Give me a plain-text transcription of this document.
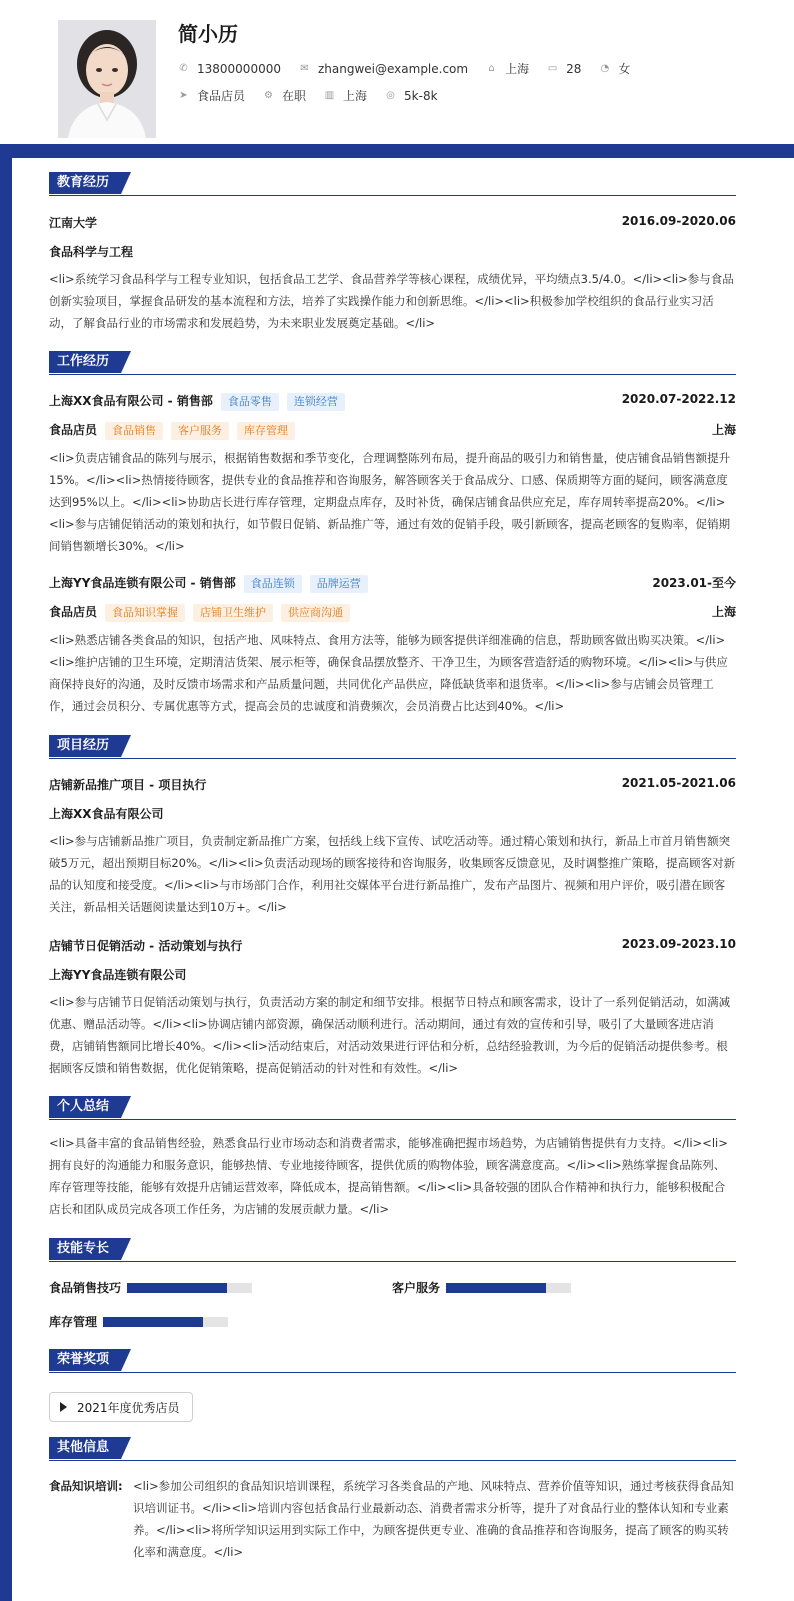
简小历
✆ 13800000000 ✉ zhangwei@example.com ⌂ 上海 ▭ 28 ◔ 女
➤ 食品店员 ⚙ 在职 ▥ 上海 ◎ 5k-8k
教育经历
江南大学	2016.09-2020.06
食品科学与工程
<li>系统学习食品科学与工程专业知识，包括食品工艺学、食品营养学等核心课程，成绩优异，平均绩点3.5/4.0。</li><li>参与食品创新实验项目，掌握食品研发的基本流程和方法，培养了实践操作能力和创新思维。</li><li>积极参加学校组织的食品行业实习活动，了解食品行业的市场需求和发展趋势，为未来职业发展奠定基础。</li>
工作经历
上海XX食品有限公司 - 销售部 食品零售 连锁经营	2020.07-2022.12
食品店员 食品销售 客户服务 库存管理	上海
<li>负责店铺食品的陈列与展示，根据销售数据和季节变化，合理调整陈列布局，提升商品的吸引力和销售量，使店铺食品销售额提升15%。</li><li>热情接待顾客，提供专业的食品推荐和咨询服务，解答顾客关于食品成分、口感、保质期等方面的疑问，顾客满意度达到95%以上。</li><li>协助店长进行库存管理，定期盘点库存，及时补货，确保店铺食品供应充足，库存周转率提高20%。</li><li>参与店铺促销活动的策划和执行，如节假日促销、新品推广等，通过有效的促销手段，吸引新顾客，提高老顾客的复购率，促销期间销售额增长30%。</li>
上海YY食品连锁有限公司 - 销售部 食品连锁 品牌运营	2023.01-至今
食品店员 食品知识掌握 店铺卫生维护 供应商沟通	上海
<li>熟悉店铺各类食品的知识，包括产地、风味特点、食用方法等，能够为顾客提供详细准确的信息，帮助顾客做出购买决策。</li><li>维护店铺的卫生环境，定期清洁货架、展示柜等，确保食品摆放整齐、干净卫生，为顾客营造舒适的购物环境。</li><li>与供应商保持良好的沟通，及时反馈市场需求和产品质量问题，共同优化产品供应，降低缺货率和退货率。</li><li>参与店铺会员管理工作，通过会员积分、专属优惠等方式，提高会员的忠诚度和消费频次，会员消费占比达到40%。</li>
项目经历
店铺新品推广项目 - 项目执行	2021.05-2021.06
上海XX食品有限公司
<li>参与店铺新品推广项目，负责制定新品推广方案，包括线上线下宣传、试吃活动等。通过精心策划和执行，新品上市首月销售额突破5万元，超出预期目标20%。</li><li>负责活动现场的顾客接待和咨询服务，收集顾客反馈意见，及时调整推广策略，提高顾客对新品的认知度和接受度。</li><li>与市场部门合作，利用社交媒体平台进行新品推广，发布产品图片、视频和用户评价，吸引潜在顾客关注，新品相关话题阅读量达到10万+。</li>
店铺节日促销活动 - 活动策划与执行	2023.09-2023.10
上海YY食品连锁有限公司
<li>参与店铺节日促销活动策划与执行，负责活动方案的制定和细节安排。根据节日特点和顾客需求，设计了一系列促销活动，如满减优惠、赠品活动等。</li><li>协调店铺内部资源，确保活动顺利进行。活动期间，通过有效的宣传和引导，吸引了大量顾客进店消费，店铺销售额同比增长40%。</li><li>活动结束后，对活动效果进行评估和分析，总结经验教训，为今后的促销活动提供参考。根据顾客反馈和销售数据，优化促销策略，提高促销活动的针对性和有效性。</li>
个人总结
<li>具备丰富的食品销售经验，熟悉食品行业市场动态和消费者需求，能够准确把握市场趋势，为店铺销售提供有力支持。</li><li>拥有良好的沟通能力和服务意识，能够热情、专业地接待顾客，提供优质的购物体验，顾客满意度高。</li><li>熟练掌握食品陈列、库存管理等技能，能够有效提升店铺运营效率，降低成本，提高销售额。</li><li>具备较强的团队合作精神和执行力，能够积极配合店长和团队成员完成各项工作任务，为店铺的发展贡献力量。</li>
技能专长
食品销售技巧	客户服务
库存管理
荣誉奖项
2021年度优秀店员
其他信息
食品知识培训: <li>参加公司组织的食品知识培训课程，系统学习各类食品的产地、风味特点、营养价值等知识，通过考核获得食品知识培训证书。</li><li>培训内容包括食品行业最新动态、消费者需求分析等，提升了对食品行业的整体认知和专业素养。</li><li>将所学知识运用到实际工作中，为顾客提供更专业、准确的食品推荐和咨询服务，提高了顾客的购买转化率和满意度。</li>
